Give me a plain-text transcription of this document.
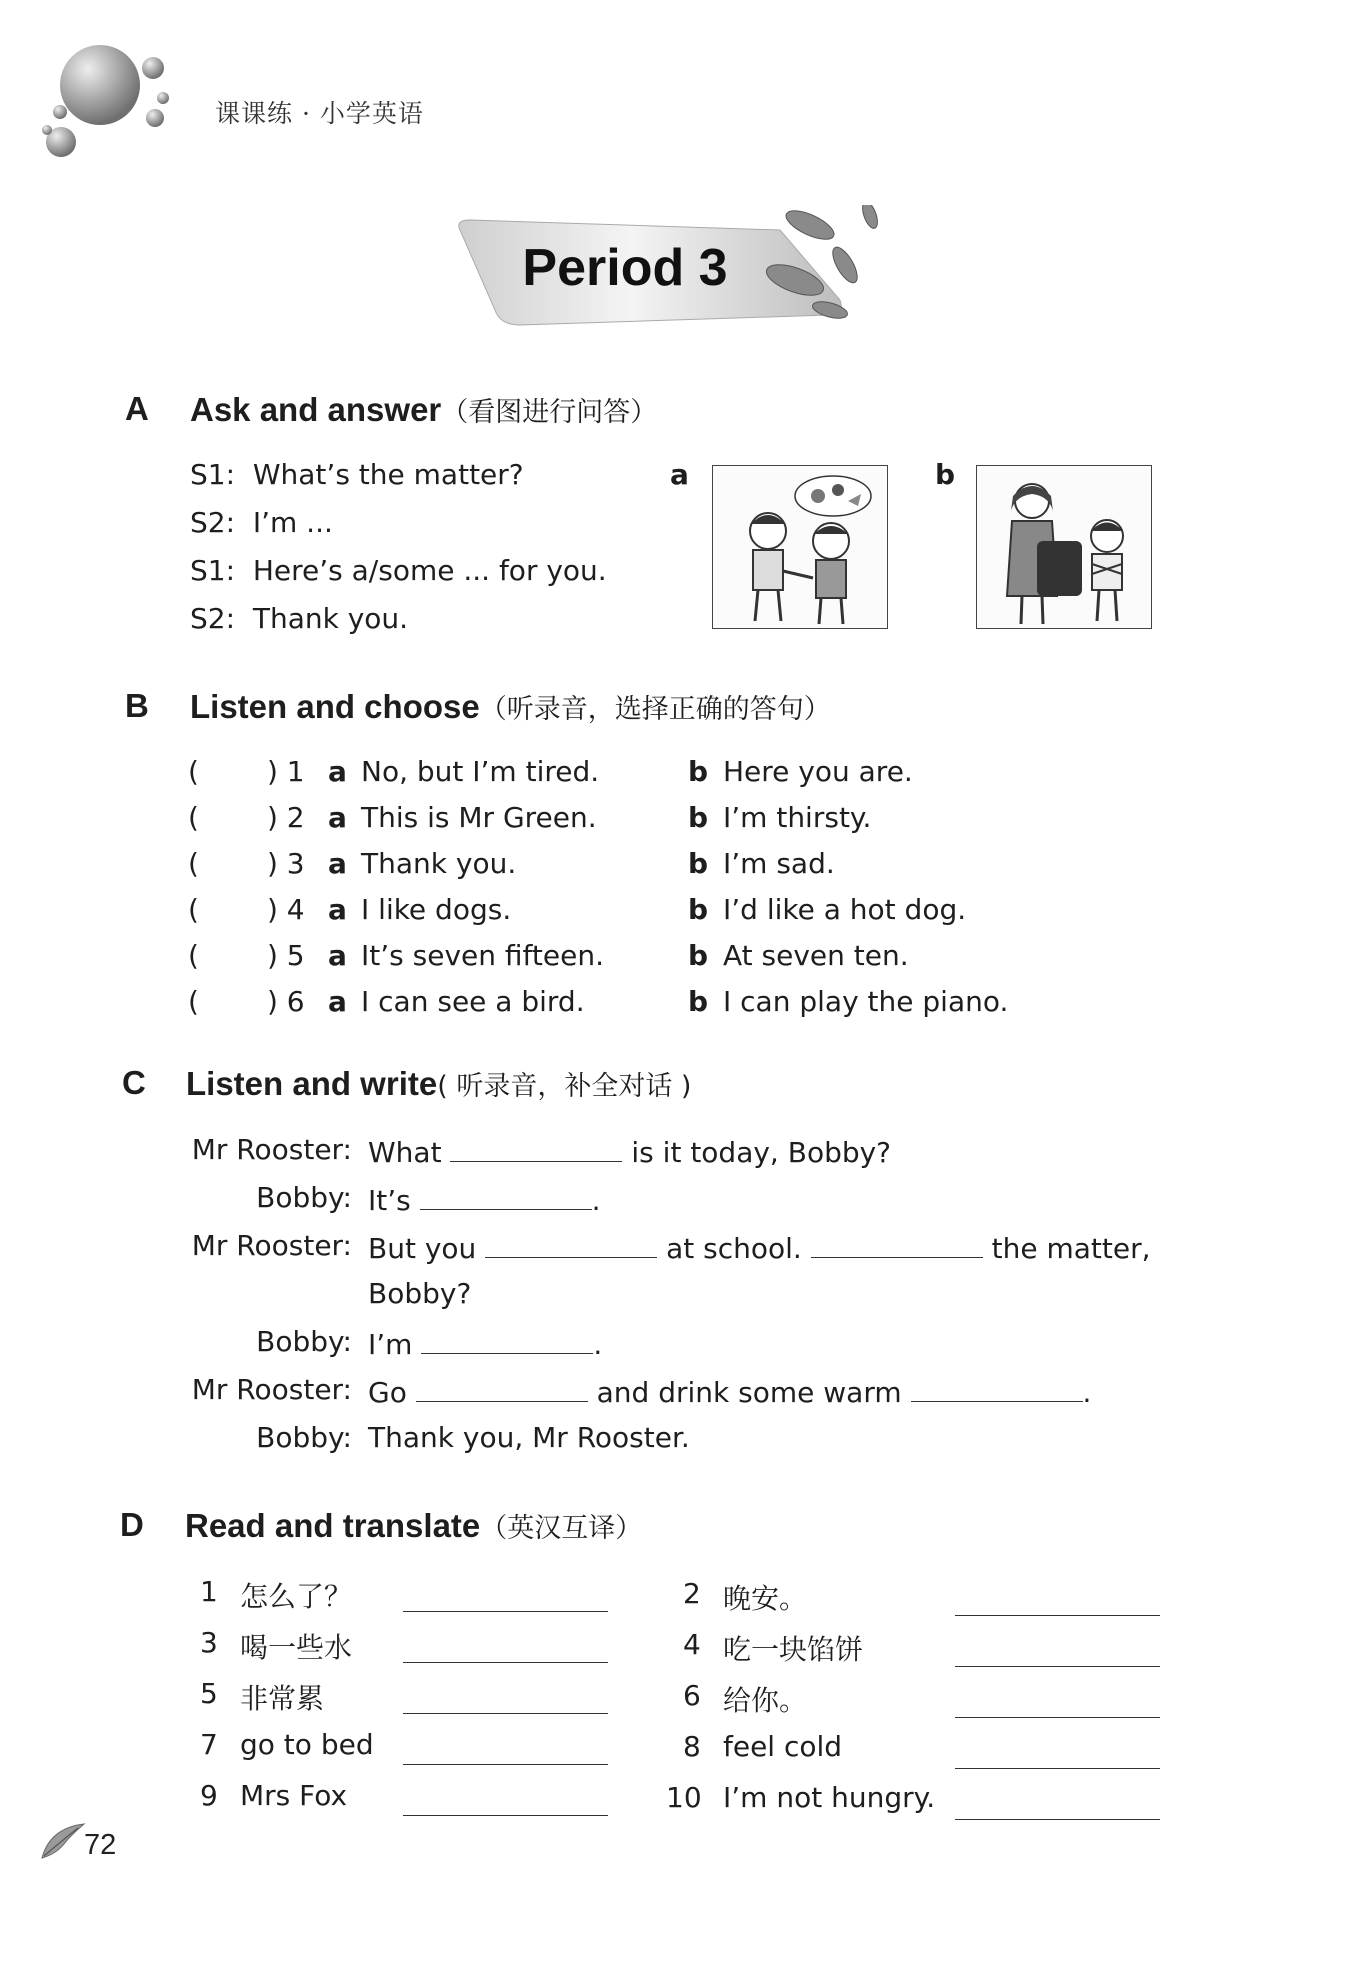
课课练 · 小学英语
Period 3
A Ask and answer（看图进行问答）
S1: What’s the matter?
S2: I’m ...
S1: Here’s a/some ... for you.
S2: Thank you.
a	b
B Listen and choose（听录音，选择正确的答句）
( ) 1 a No, but I’m tired.	b Here you are.
( ) 2 a This is Mr Green.	b I’m thirsty.
( ) 3 a Thank you.	b I’m sad.
( ) 4 a I like dogs.	b I’d like a hot dog.
( ) 5 a It’s seven fifteen.	b At seven ten.
( ) 6 a I can see a bird.	b I can play the piano.
C Listen and write( 听录音，补全对话 )
Mr Rooster: What	is it today, Bobby?
Bobby: It’s	.
Mr Rooster: But you	at school.	the matter,
Bobby?
Bobby: I’m	.
Mr Rooster: Go	and drink some warm	.
Bobby: Thank you, Mr Rooster.
D Read and translate（英汉互译）
1 怎么了？	2 晚安。
3 喝一些水	4 吃一块馅饼
5 非常累	6 给你。
7 go to bed	8 feel cold
9 Mrs Fox	10 I’m not hungry.
72
